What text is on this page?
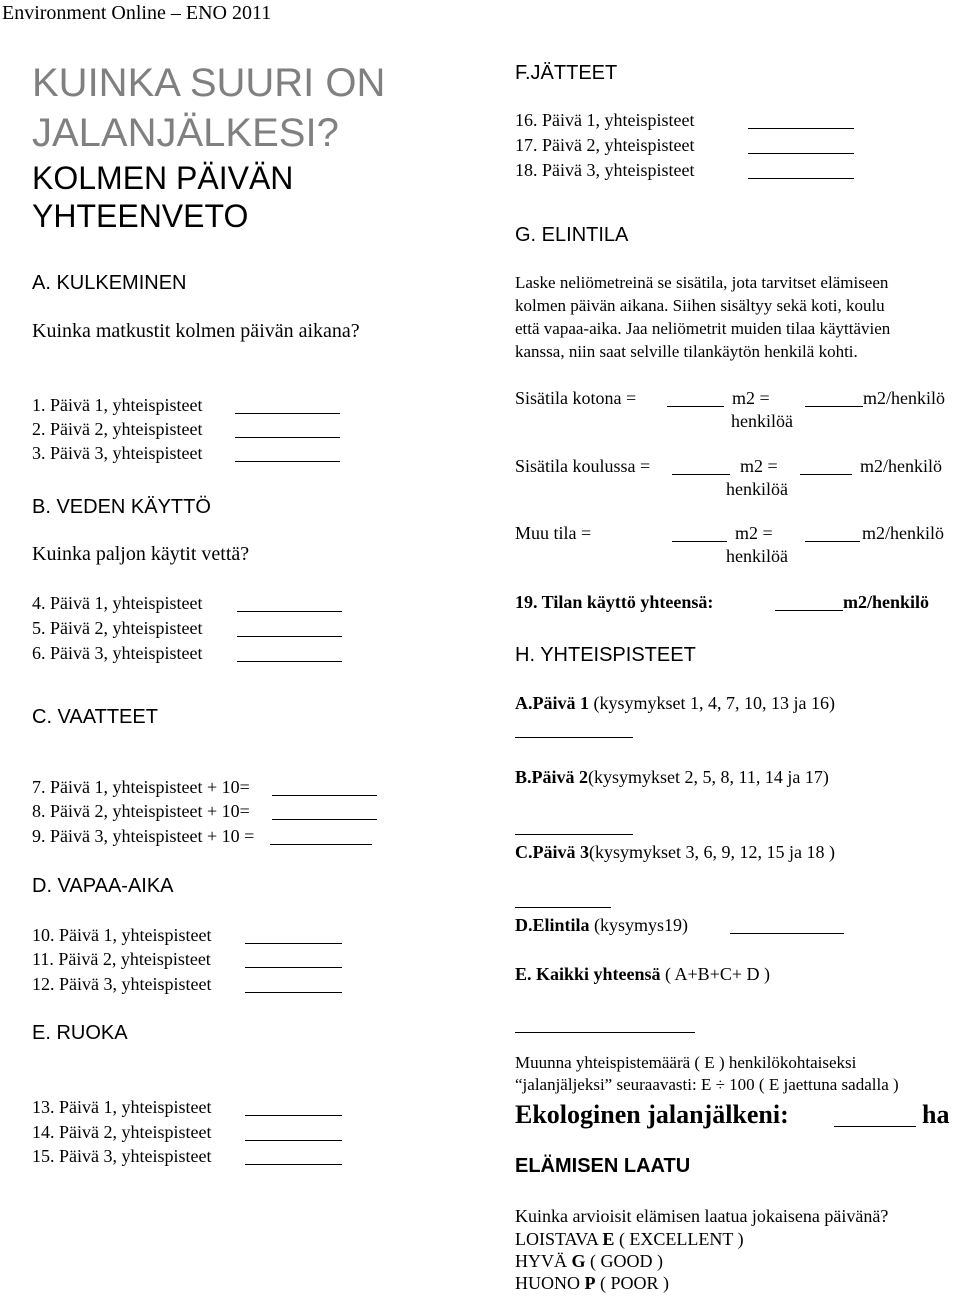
Environment Online – ENO 2011
KUINKA SUURI ON
JALANJÄLKESI?
KOLMEN PÄIVÄN
YHTEENVETO
A. KULKEMINEN
Kuinka matkustit kolmen päivän aikana?
1. Päivä 1, yhteispisteet
2. Päivä 2, yhteispisteet
3. Päivä 3, yhteispisteet
B. VEDEN KÄYTTÖ
Kuinka paljon käytit vettä?
4. Päivä 1, yhteispisteet
5. Päivä 2, yhteispisteet
6. Päivä 3, yhteispisteet
C. VAATTEET
7. Päivä 1, yhteispisteet + 10=
8. Päivä 2, yhteispisteet + 10=
9. Päivä 3, yhteispisteet + 10 =
D. VAPAA-AIKA
10. Päivä 1, yhteispisteet
11. Päivä 2, yhteispisteet
12. Päivä 3, yhteispisteet
E. RUOKA
13. Päivä 1, yhteispisteet
14. Päivä 2, yhteispisteet
15. Päivä 3, yhteispisteet
F.JÄTTEET
16. Päivä 1, yhteispisteet
17. Päivä 2, yhteispisteet
18. Päivä 3, yhteispisteet
G. ELINTILA
Laske neliömetreinä se sisätila, jota tarvitset elämiseen
kolmen päivän aikana. Siihen sisältyy sekä koti, koulu
että vapaa-aika. Jaa neliömetrit muiden tilaa käyttävien
kanssa, niin saat selville tilankäytön henkilä kohti.
Sisätila kotona =	m2 =	m2/henkilö
henkilöä
Sisätila koulussa =	m2 =	m2/henkilö
henkilöä
Muu tila =	m2 =	m2/henkilö
henkilöä
19. Tilan käyttö yhteensä:	m2/henkilö
H. YHTEISPISTEET
A.Päivä 1 (kysymykset 1, 4, 7, 10, 13 ja 16)
B.Päivä 2(kysymykset 2, 5, 8, 11, 14 ja 17)
C.Päivä 3(kysymykset 3, 6, 9, 12, 15 ja 18 )
D.Elintila (kysymys19)
E. Kaikki yhteensä ( A+B+C+ D )
Muunna yhteispistemäärä ( E ) henkilökohtaiseksi
“jalanjäljeksi” seuraavasti: E ÷ 100 ( E jaettuna sadalla )
Ekologinen jalanjälkeni:	ha
ELÄMISEN LAATU
Kuinka arvioisit elämisen laatua jokaisena päivänä?
LOISTAVA E ( EXCELLENT )
HYVÄ G ( GOOD )
HUONO P ( POOR )
